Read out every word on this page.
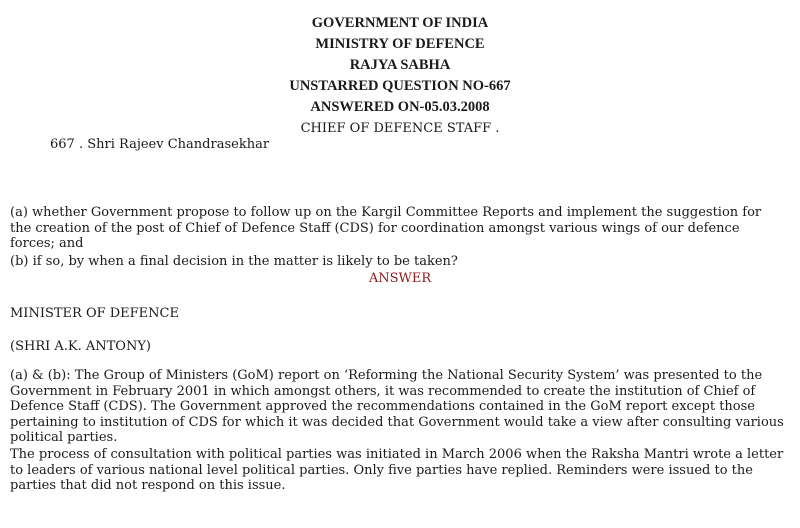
GOVERNMENT OF INDIA
MINISTRY OF DEFENCE
RAJYA SABHA
UNSTARRED QUESTION NO-667
ANSWERED ON-05.03.2008
CHIEF OF DEFENCE STAFF .
667 . Shri Rajeev Chandrasekhar
(a) whether Government propose to follow up on the Kargil Committee Reports and implement the suggestion for the creation of the post of Chief of Defence Staff (CDS) for coordination amongst various wings of our defence forces; and
(b) if so, by when a final decision in the matter is likely to be taken?
ANSWER
MINISTER OF DEFENCE
(SHRI A.K. ANTONY)
(a) & (b): The Group of Ministers (GoM) report on ‘Reforming the National Security System’ was presented to the Government in February 2001 in which amongst others, it was recommended to create the institution of Chief of Defence Staff (CDS). The Government approved the recommendations contained in the GoM report except those pertaining to institution of CDS for which it was decided that Government would take a view after consulting various political parties.
The process of consultation with political parties was initiated in March 2006 when the Raksha Mantri wrote a letter to leaders of various national level political parties. Only five parties have replied. Reminders were issued to the parties that did not respond on this issue.
